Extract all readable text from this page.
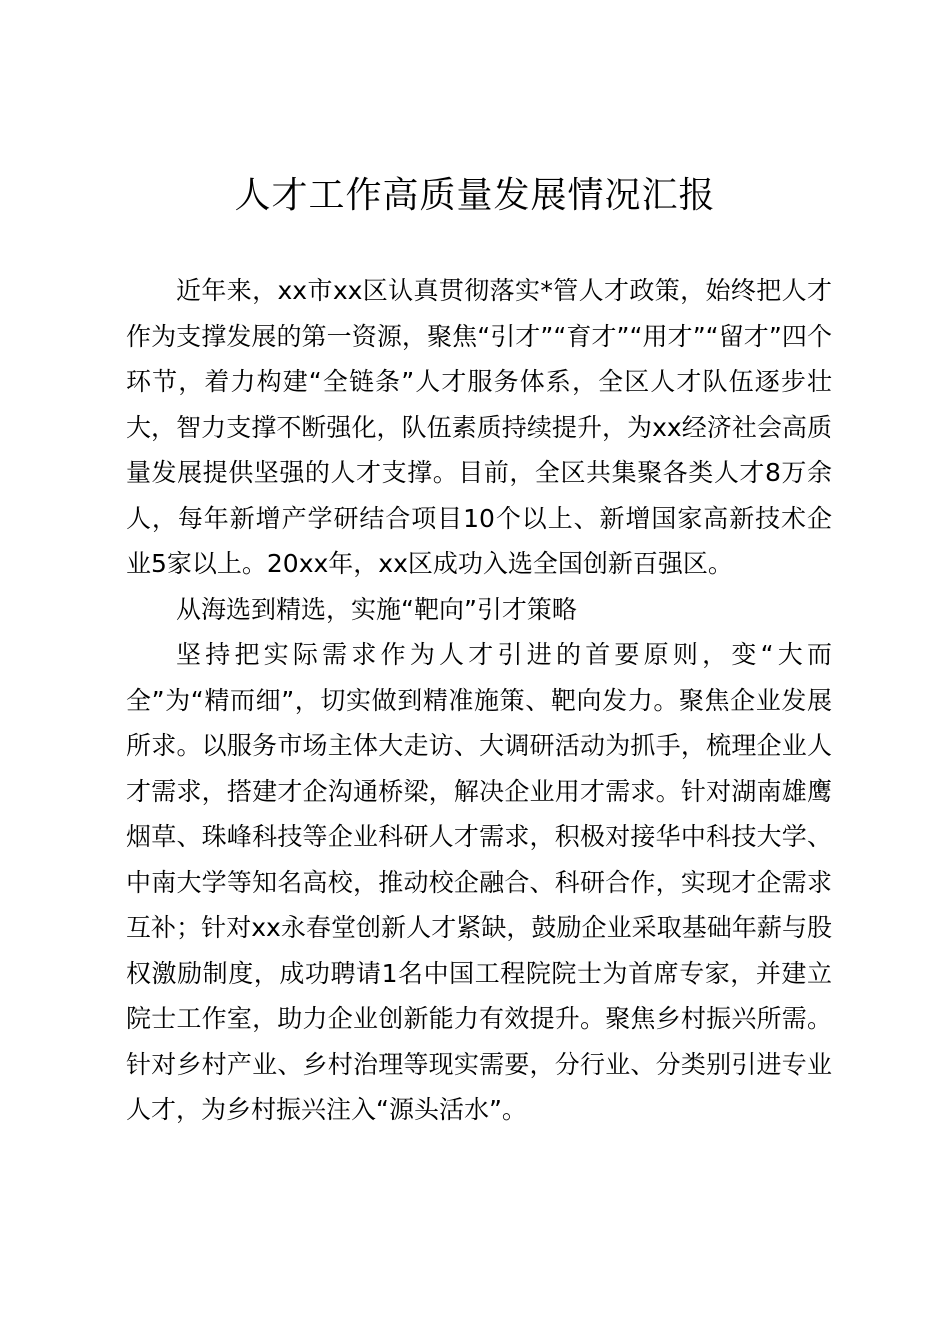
人才工作高质量发展情况汇报

近年来，xx市xx区认真贯彻落实*管人才政策，始终把人才作为支撑发展的第一资源，聚焦“引才”“育才”“用才”“留才”四个环节，着力构建“全链条”人才服务体系，全区人才队伍逐步壮大，智力支撑不断强化，队伍素质持续提升，为xx经济社会高质量发展提供坚强的人才支撑。目前，全区共集聚各类人才8万余人，每年新增产学研结合项目10个以上、新增国家高新技术企业5家以上。20xx年，xx区成功入选全国创新百强区。

从海选到精选，实施“靶向”引才策略

坚持把实际需求作为人才引进的首要原则，变“大而全”为“精而细”，切实做到精准施策、靶向发力。聚焦企业发展所求。以服务市场主体大走访、大调研活动为抓手，梳理企业人才需求，搭建才企沟通桥梁，解决企业用才需求。针对湖南雄鹰烟草、珠峰科技等企业科研人才需求，积极对接华中科技大学、中南大学等知名高校，推动校企融合、科研合作，实现才企需求互补；针对xx永春堂创新人才紧缺，鼓励企业采取基础年薪与股权激励制度，成功聘请1名中国工程院院士为首席专家，并建立院士工作室，助力企业创新能力有效提升。聚焦乡村振兴所需。针对乡村产业、乡村治理等现实需要，分行业、分类别引进专业人才，为乡村振兴注入“源头活水”。
